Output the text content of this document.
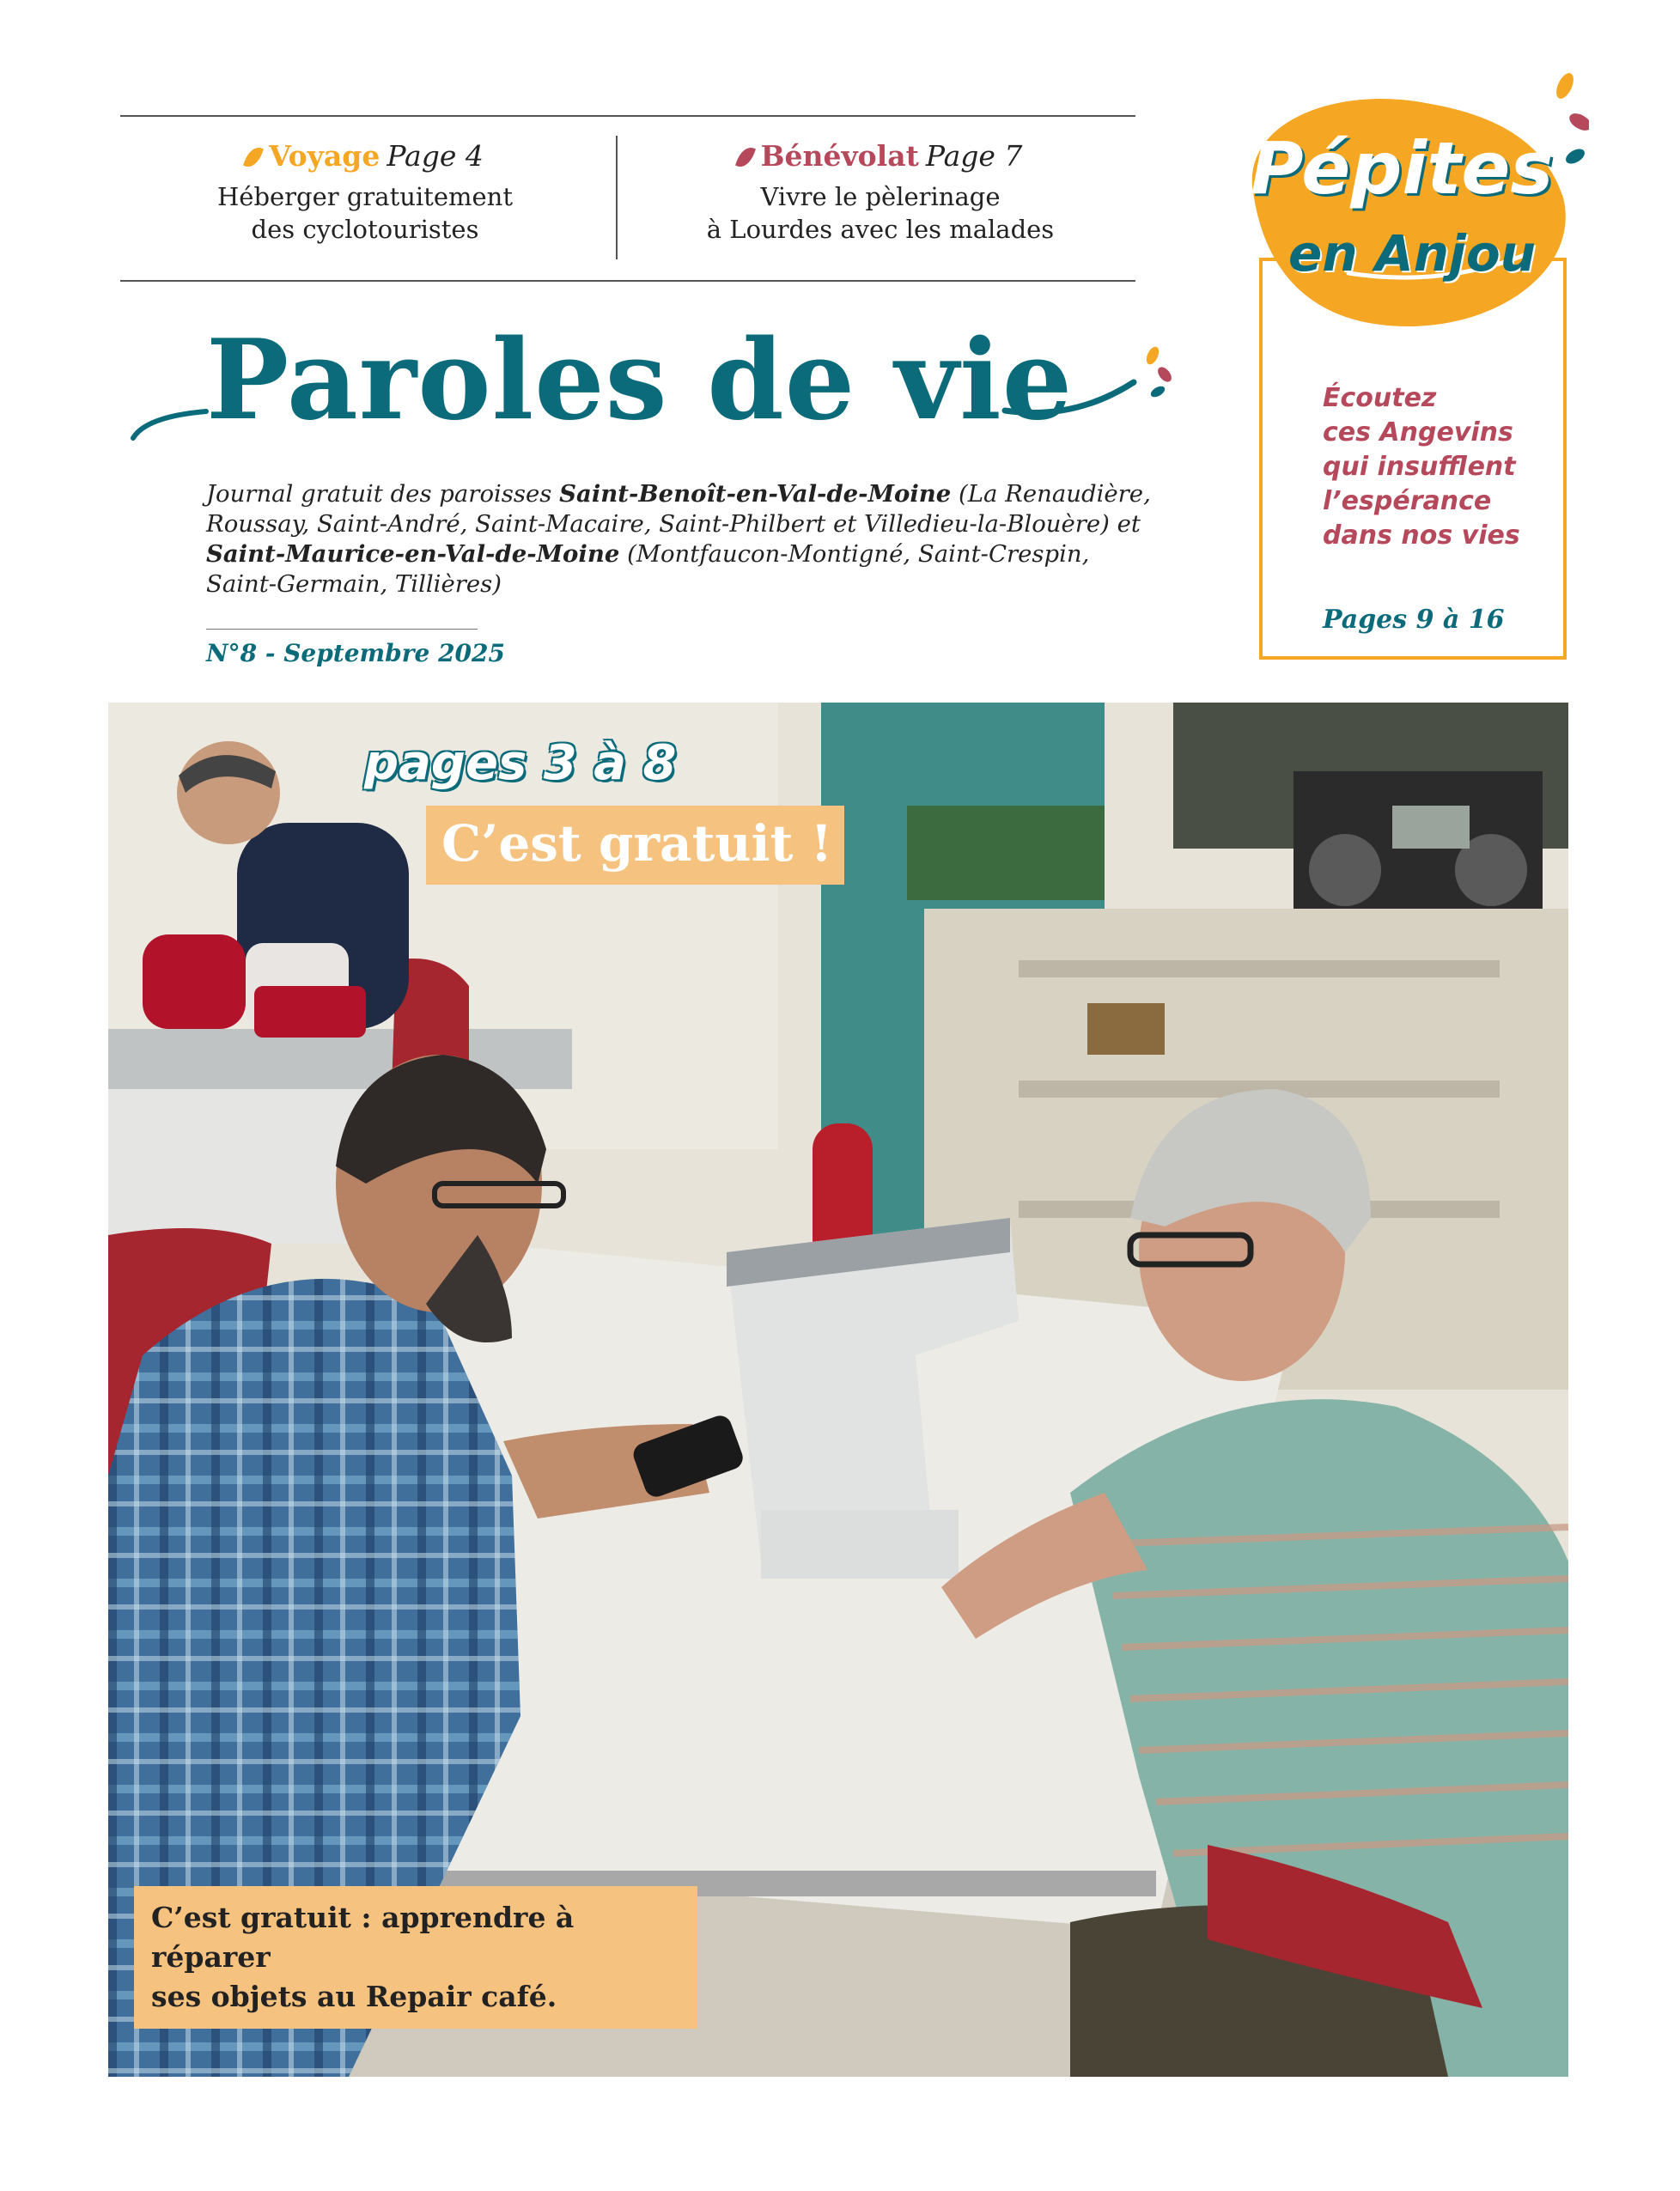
Voyage Page 4
Héberger gratuitement
des cyclotouristes
Bénévolat Page 7
Vivre le pèlerinage
à Lourdes avec les malades
Paroles de vie
Journal gratuit des paroisses Saint-Benoît-en-Val-de-Moine (La Renaudière, Roussay, Saint-André, Saint-Macaire, Saint-Philbert et Villedieu-la-Blouère) et Saint-Maurice-en-Val-de-Moine (Montfaucon-Montigné, Saint-Crespin, Saint-Germain, Tillières)
N°8 - Septembre 2025
Écoutez
ces Angevins
qui insufflent
l’espérance
dans nos vies
Pages 9 à 16
Pépites
en Anjou
pages 3 à 8
C’est gratuit !
C’est gratuit : apprendre à réparer
ses objets au Repair café.
